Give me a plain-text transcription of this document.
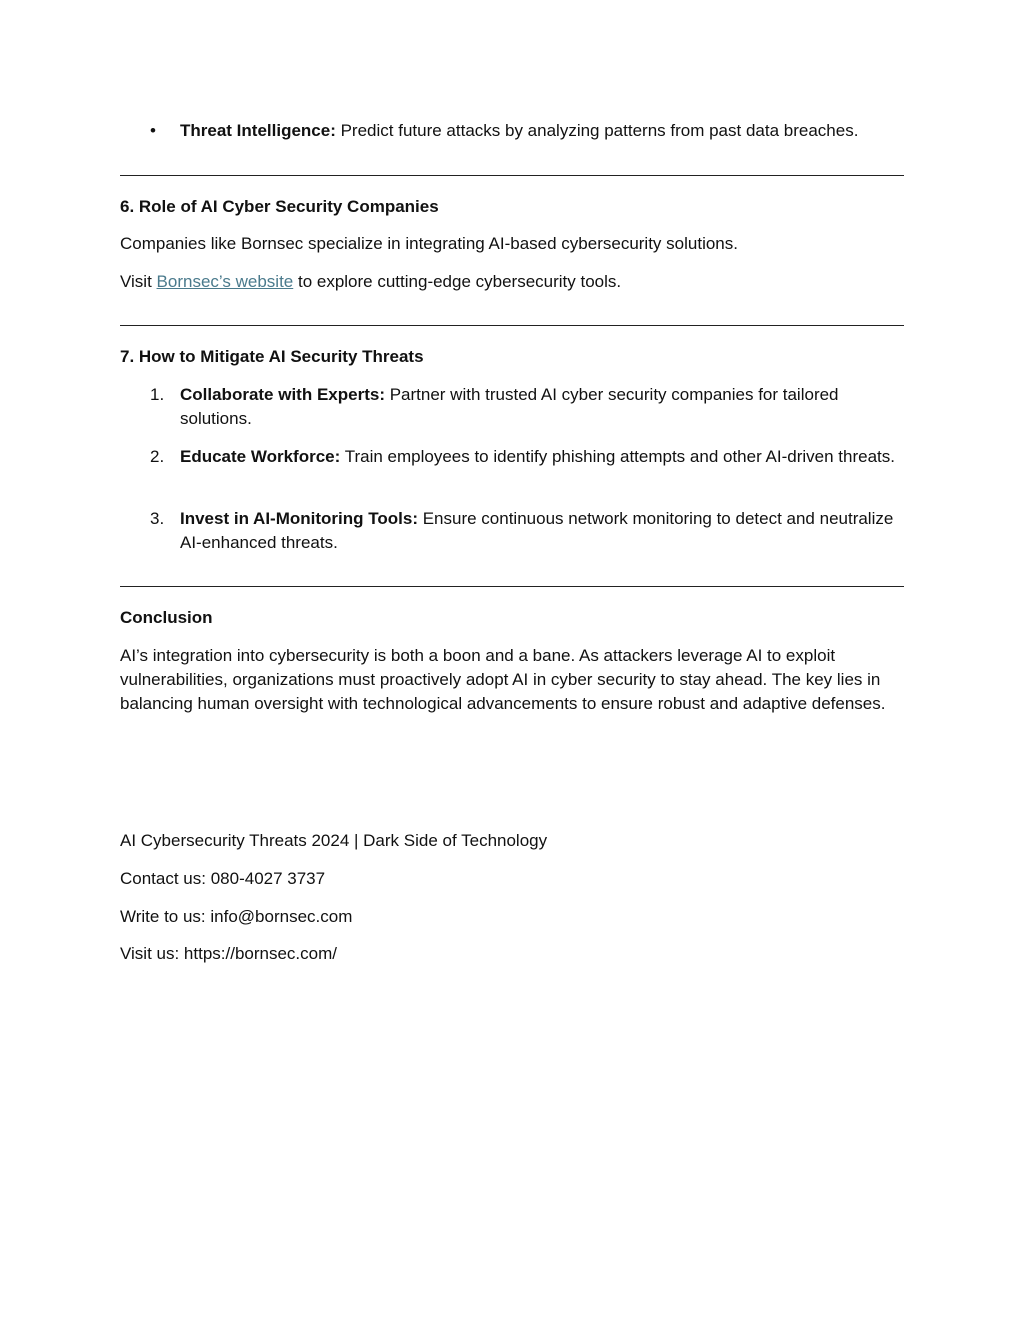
• Threat Intelligence: Predict future attacks by analyzing patterns from past data breaches.
6. Role of AI Cyber Security Companies
Companies like Bornsec specialize in integrating AI-based cybersecurity solutions.
Visit Bornsec’s website to explore cutting-edge cybersecurity tools.
7. How to Mitigate AI Security Threats
1. Collaborate with Experts: Partner with trusted AI cyber security companies for tailored solutions.
2. Educate Workforce: Train employees to identify phishing attempts and other AI-driven threats.
3. Invest in AI-Monitoring Tools: Ensure continuous network monitoring to detect and neutralize AI-enhanced threats.
Conclusion
AI’s integration into cybersecurity is both a boon and a bane. As attackers leverage AI to exploit vulnerabilities, organizations must proactively adopt AI in cyber security to stay ahead. The key lies in balancing human oversight with technological advancements to ensure robust and adaptive defenses.
AI Cybersecurity Threats 2024 | Dark Side of Technology
Contact us: 080-4027 3737
Write to us: info@bornsec.com
Visit us: https://bornsec.com/
